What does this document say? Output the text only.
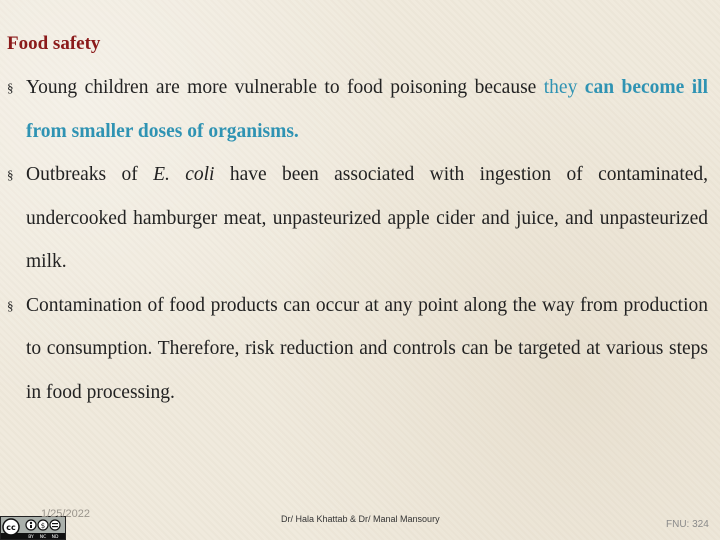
Food safety
§ Young children are more vulnerable to food poisoning because they can become ill from smaller doses of organisms.
§ Outbreaks of E. coli have been associated with ingestion of contaminated, undercooked hamburger meat, unpasteurized apple cider and juice, and unpasteurized milk.
§ Contamination of food products can occur at any point along the way from production to consumption. Therefore, risk reduction and controls can be targeted at various steps in food processing.
cc	$
BY NC ND
1/25/2022	Dr/ Hala Khattab & Dr/ Manal Mansoury	FNU: 324
